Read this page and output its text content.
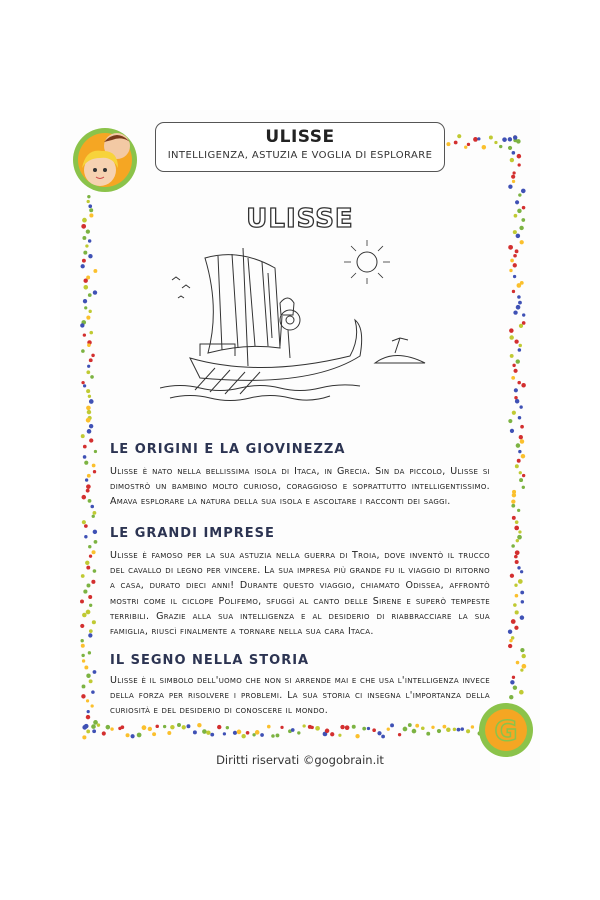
ULISSE
INTELLIGENZA, ASTUZIA E VOGLIA DI ESPLORARE
ULISSE
LE ORIGINI E LA GIOVINEZZA

Ulisse è nato nella bellissima isola di Itaca, in Grecia. Sin da piccolo, Ulisse si dimostrò un bambino molto curioso, coraggioso e soprattutto intelligentissimo. Amava esplorare la natura della sua isola e ascoltare i racconti dei saggi.

LE GRANDI IMPRESE

Ulisse è famoso per la sua astuzia nella guerra di Troia, dove inventò il trucco del cavallo di legno per vincere. La sua impresa più grande fu il viaggio di ritorno a casa, durato dieci anni! Durante questo viaggio, chiamato Odissea, affrontò mostri come il ciclope Polifemo, sfuggì al canto delle Sirene e superò tempeste terribili. Grazie alla sua intelligenza e al desiderio di riabbracciare la sua famiglia, riuscì finalmente a tornare nella sua cara Itaca.

IL SEGNO NELLA STORIA

Ulisse è il simbolo dell'uomo che non si arrende mai e che usa l'intelligenza invece della forza per risolvere i problemi. La sua storia ci insegna l'importanza della curiosità e del desiderio di conoscere il mondo.

G
Diritti riservati ©gogobrain.it
